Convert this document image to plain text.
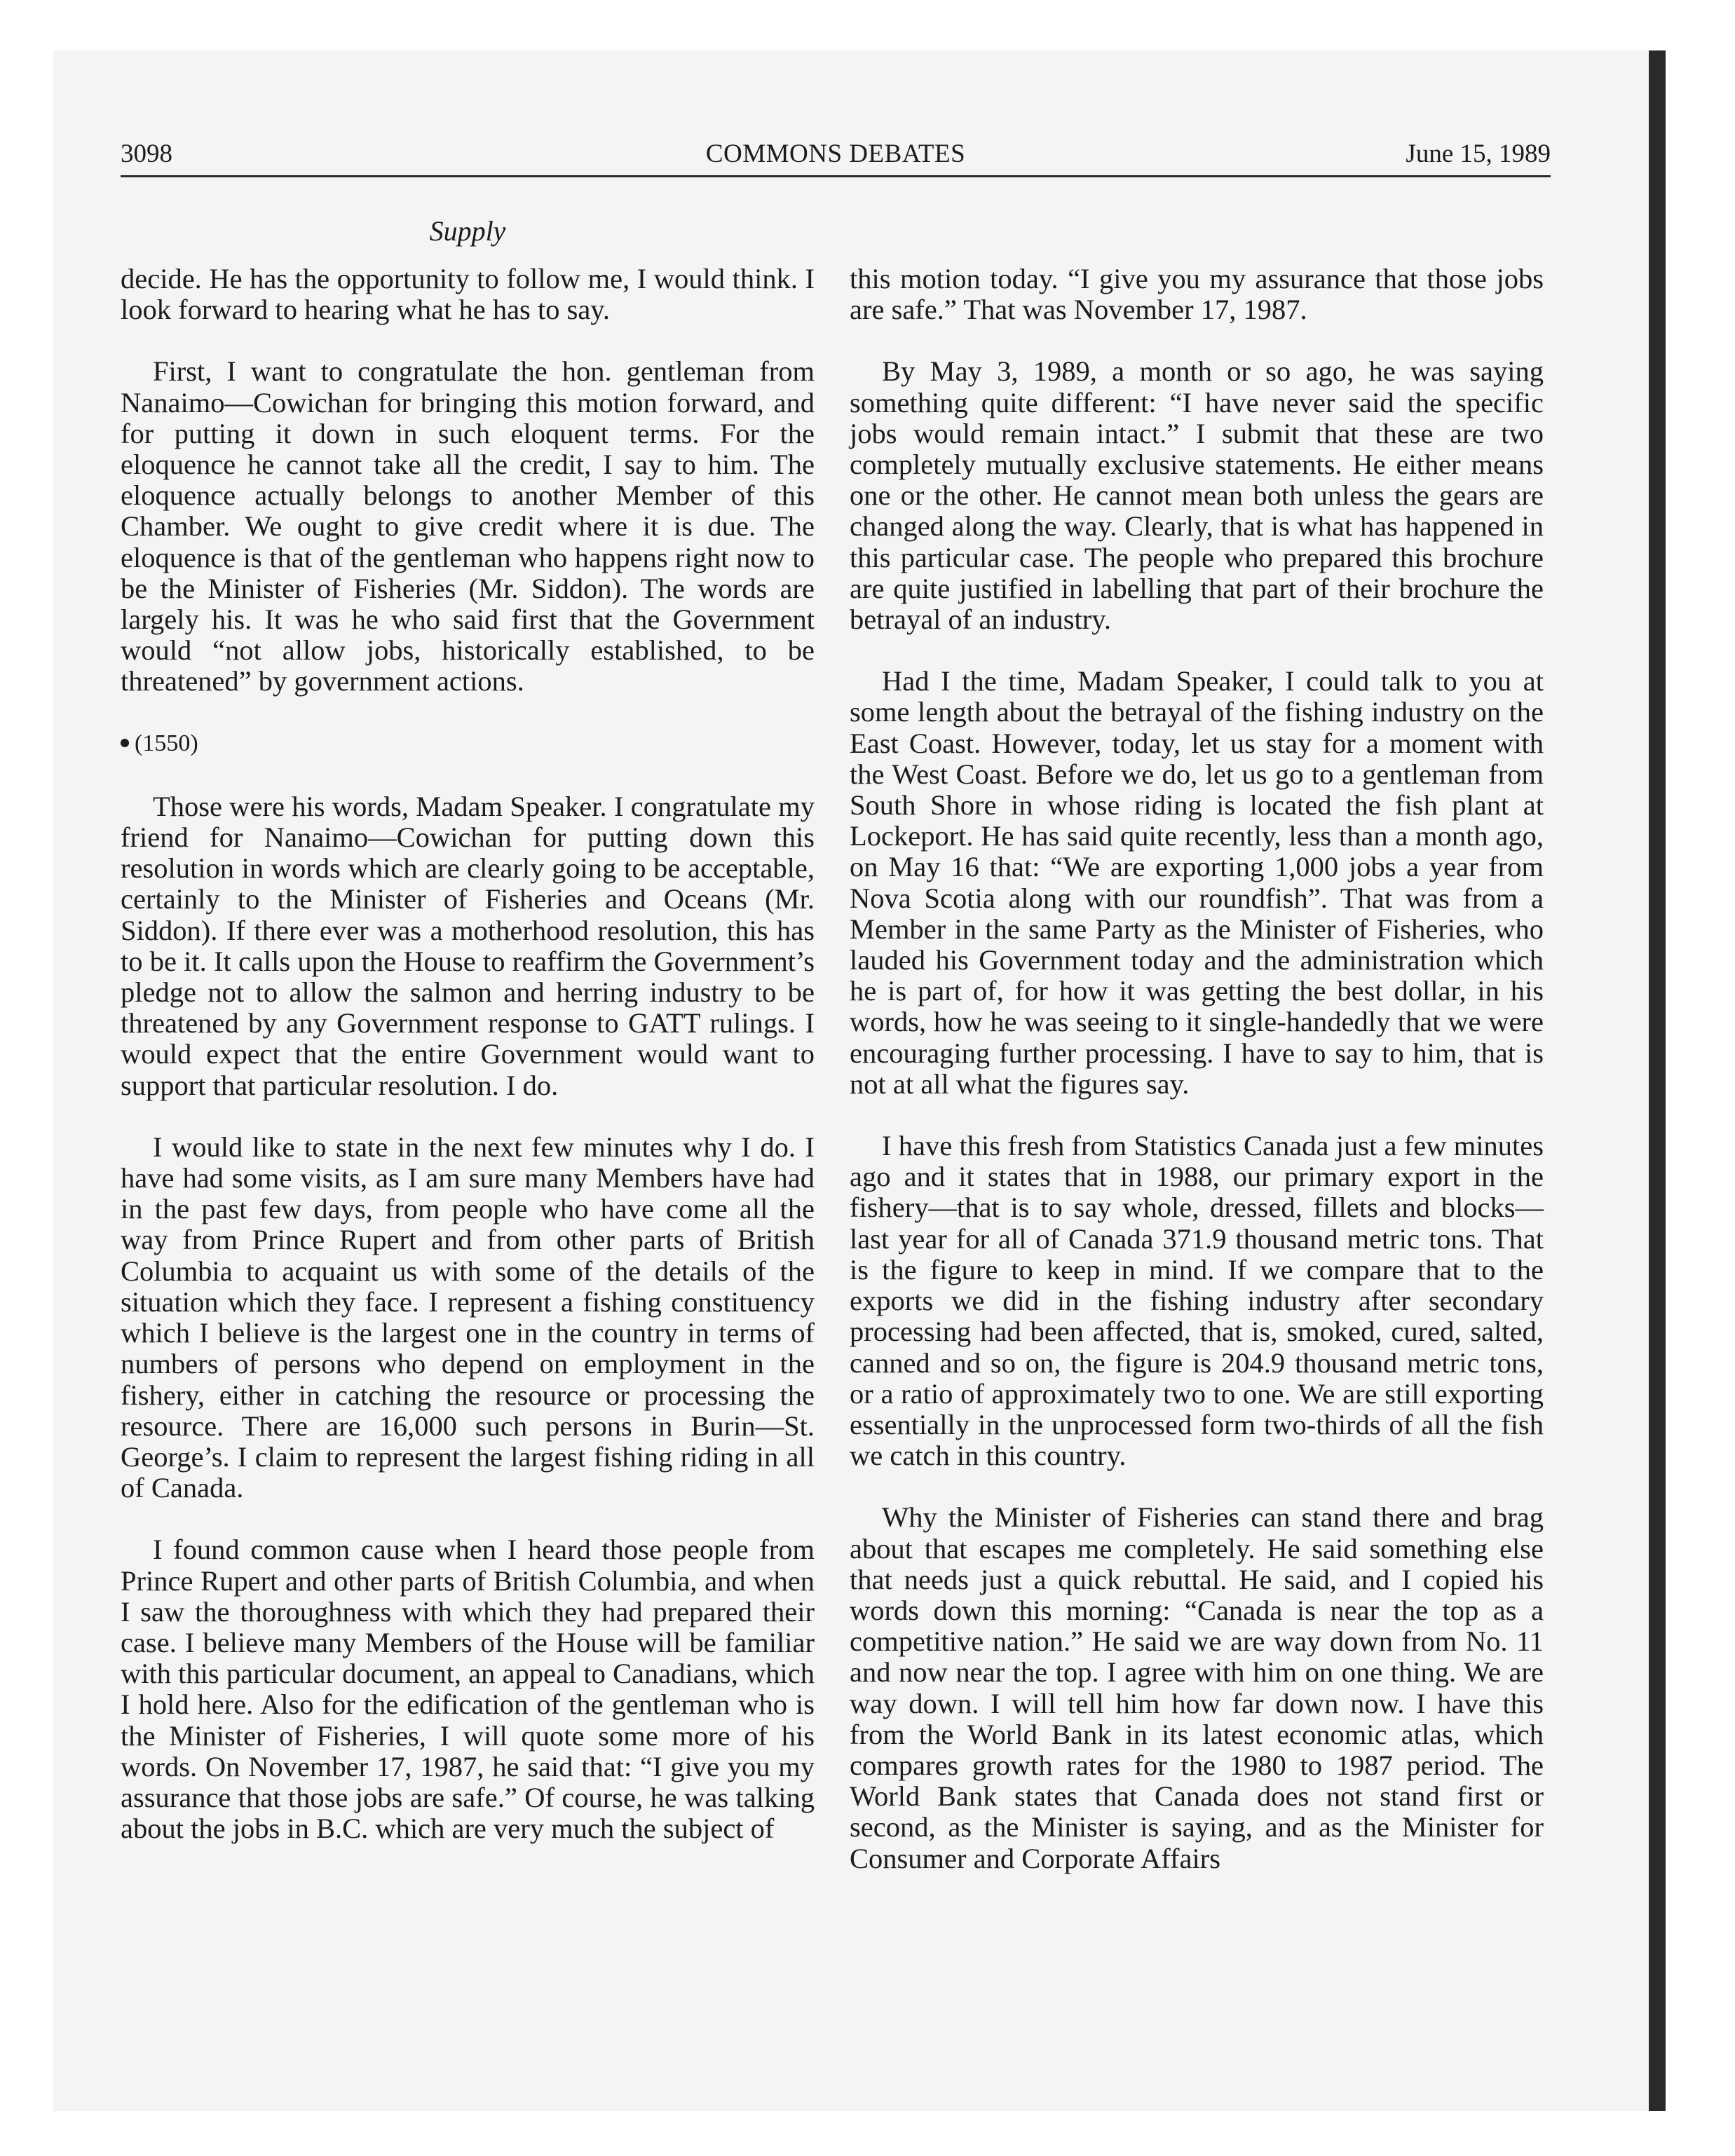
3098	COMMONS DEBATES	June 15, 1989
Supply

decide. He has the opportunity to follow me, I would think. I look forward to hearing what he has to say.

First, I want to congratulate the hon. gentleman from Nanaimo—Cowichan for bringing this motion forward, and for putting it down in such eloquent terms. For the eloquence he cannot take all the credit, I say to him. The eloquence actually belongs to another Member of this Chamber. We ought to give credit where it is due. The eloquence is that of the gentleman who happens right now to be the Minister of Fisheries (Mr. Siddon). The words are largely his. It was he who said first that the Government would “not allow jobs, historically established, to be threatened” by government actions.

(1550)

Those were his words, Madam Speaker. I congratulate my friend for Nanaimo—Cowichan for putting down this resolution in words which are clearly going to be acceptable, certainly to the Minister of Fisheries and Oceans (Mr. Siddon). If there ever was a motherhood resolution, this has to be it. It calls upon the House to reaffirm the Government’s pledge not to allow the salmon and herring industry to be threatened by any Government response to GATT rulings. I would expect that the entire Government would want to support that particular resolution. I do.

I would like to state in the next few minutes why I do. I have had some visits, as I am sure many Members have had in the past few days, from people who have come all the way from Prince Rupert and from other parts of British Columbia to acquaint us with some of the details of the situation which they face. I represent a fishing constituency which I believe is the largest one in the country in terms of numbers of persons who depend on employment in the fishery, either in catching the resource or processing the resource. There are 16,000 such persons in Burin—St. George’s. I claim to represent the largest fishing riding in all of Canada.

I found common cause when I heard those people from Prince Rupert and other parts of British Columbia, and when I saw the thoroughness with which they had prepared their case. I believe many Members of the House will be familiar with this particular document, an appeal to Canadians, which I hold here. Also for the edification of the gentleman who is the Minister of Fisheries, I will quote some more of his words. On November 17, 1987, he said that: “I give you my assurance that those jobs are safe.” Of course, he was talking about the jobs in B.C. which are very much the subject of

this motion today. “I give you my assurance that those jobs are safe.” That was November 17, 1987.

By May 3, 1989, a month or so ago, he was saying something quite different: “I have never said the specific jobs would remain intact.” I submit that these are two completely mutually exclusive statements. He either means one or the other. He cannot mean both unless the gears are changed along the way. Clearly, that is what has happened in this particular case. The people who prepared this brochure are quite justified in labelling that part of their brochure the betrayal of an industry.

Had I the time, Madam Speaker, I could talk to you at some length about the betrayal of the fishing industry on the East Coast. However, today, let us stay for a moment with the West Coast. Before we do, let us go to a gentleman from South Shore in whose riding is located the fish plant at Lockeport. He has said quite recently, less than a month ago, on May 16 that: “We are exporting 1,000 jobs a year from Nova Scotia along with our roundfish”. That was from a Member in the same Party as the Minister of Fisheries, who lauded his Government today and the administration which he is part of, for how it was getting the best dollar, in his words, how he was seeing to it single-handedly that we were encouraging further processing. I have to say to him, that is not at all what the figures say.

I have this fresh from Statistics Canada just a few minutes ago and it states that in 1988, our primary export in the fishery—that is to say whole, dressed, fillets and blocks—last year for all of Canada 371.9 thousand metric tons. That is the figure to keep in mind. If we compare that to the exports we did in the fishing industry after secondary processing had been affected, that is, smoked, cured, salted, canned and so on, the figure is 204.9 thousand metric tons, or a ratio of approximately two to one. We are still exporting essentially in the unprocessed form two-thirds of all the fish we catch in this country.

Why the Minister of Fisheries can stand there and brag about that escapes me completely. He said something else that needs just a quick rebuttal. He said, and I copied his words down this morning: “Canada is near the top as a competitive nation.” He said we are way down from No. 11 and now near the top. I agree with him on one thing. We are way down. I will tell him how far down now. I have this from the World Bank in its latest economic atlas, which compares growth rates for the 1980 to 1987 period. The World Bank states that Canada does not stand first or second, as the Minister is saying, and as the Minister for Consumer and Corporate Affairs
